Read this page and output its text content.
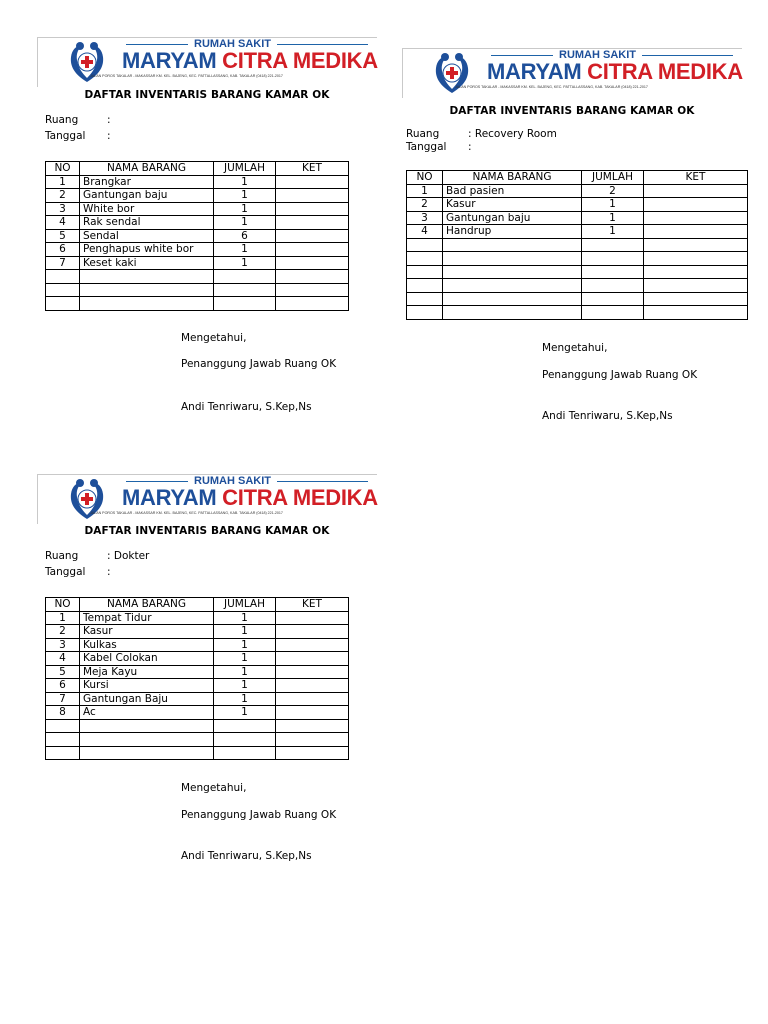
RUMAH SAKIT
MARYAM CITRA MEDIKA
JALAN POROS TAKALAR - MAKASSAR KM. KEL. BAJENG, KEC. PATTALLASSANG, KAB. TAKALAR (0418) 221-2017
DAFTAR INVENTARIS BARANG KAMAR OK
Ruang	:
Tanggal :
NO	NAMA BARANG	JUMLAH	KET
1	Brangkar	1	
2	Gantungan baju	1	
3	White bor	1	
4	Rak sendal	1	
5	Sendal	6	
6	Penghapus white bor	1	
7	Keset kaki	1	

Mengetahui,
Penanggung Jawab Ruang OK
Andi Tenriwaru, S.Kep,Ns
RUMAH SAKIT
MARYAM CITRA MEDIKA
JALAN POROS TAKALAR - MAKASSAR KM. KEL. BAJENG, KEC. PATTALLASSANG, KAB. TAKALAR (0418) 221-2017
DAFTAR INVENTARIS BARANG KAMAR OK
Ruang	: Recovery Room
Tanggal :
NO	NAMA BARANG	JUMLAH	KET
1	Bad pasien	2	
2	Kasur	1	
3	Gantungan baju	1	
4	Handrup	1	

Mengetahui,
Penanggung Jawab Ruang OK
Andi Tenriwaru, S.Kep,Ns
RUMAH SAKIT
MARYAM CITRA MEDIKA
JALAN POROS TAKALAR - MAKASSAR KM. KEL. BAJENG, KEC. PATTALLASSANG, KAB. TAKALAR (0418) 221-2017
DAFTAR INVENTARIS BARANG KAMAR OK
Ruang	: Dokter
Tanggal :
NO	NAMA BARANG	JUMLAH	KET
1	Tempat Tidur	1	
2	Kasur	1	
3	Kulkas	1	
4	Kabel Colokan	1	
5	Meja Kayu	1	
6	Kursi	1	
7	Gantungan Baju	1	
8	Ac	1	

Mengetahui,
Penanggung Jawab Ruang OK
Andi Tenriwaru, S.Kep,Ns
